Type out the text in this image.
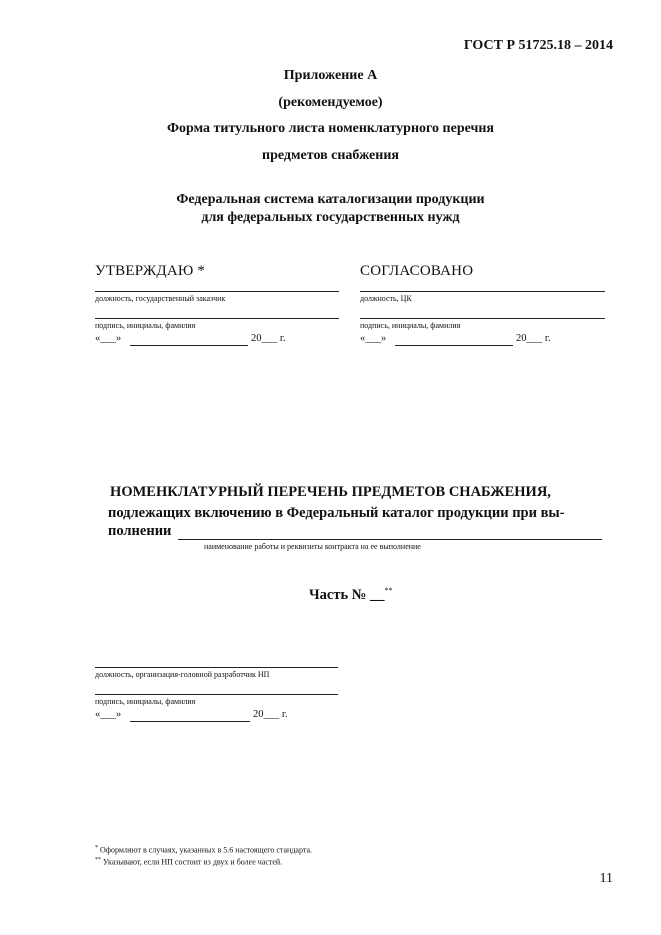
ГОСТ Р 51725.18 – 2014
Приложение А
(рекомендуемое)
Форма титульного листа номенклатурного перечня
предметов снабжения
Федеральная система каталогизации продукции
для федеральных государственных нужд
УТВЕРЖДАЮ *
должность, государственный заказчик
подпись, инициалы, фамилия
«___»	20___ г.
СОГЛАСОВАНО
должность, ЦК
подпись, инициалы, фамилия
«___»	20___ г.
НОМЕНКЛАТУРНЫЙ ПЕРЕЧЕНЬ ПРЕДМЕТОВ СНАБЖЕНИЯ,
подлежащих включению в Федеральный каталог продукции при вы-
полнении
наименование работы и реквизиты контракта на ее выполнение
Часть № __**
должность, организация-головной разработчик НП
подпись, инициалы, фамилия
«___»	20___ г.
* Оформляют в случаях, указанных в 5.6 настоящего стандарта.
** Указывают, если НП состоит из двух и более частей.
11
